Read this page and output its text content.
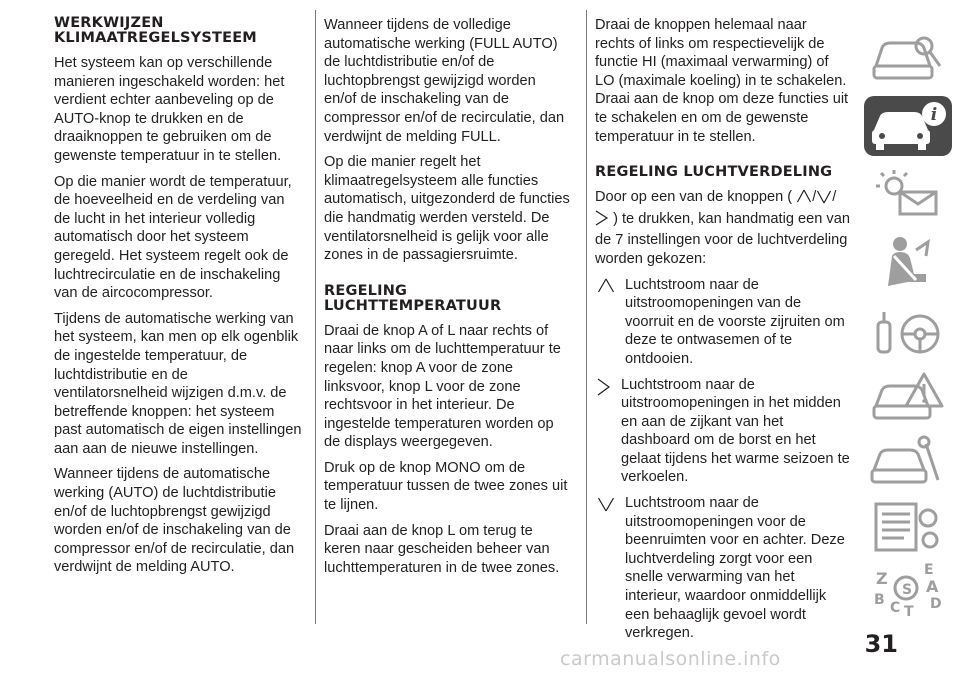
WERKWIJZEN KLIMAATREGELSYSTEEM

Het systeem kan op verschillende manieren ingeschakeld worden: het verdient echter aanbeveling op de AUTO-knop te drukken en de draaiknoppen te gebruiken om de gewenste temperatuur in te stellen.

Op die manier wordt de temperatuur, de hoeveelheid en de verdeling van de lucht in het interieur volledig automatisch door het systeem geregeld. Het systeem regelt ook de luchtrecirculatie en de inschakeling van de aircocompressor.

Tijdens de automatische werking van het systeem, kan men op elk ogenblik de ingestelde temperatuur, de luchtdistributie en de ventilatorsnelheid wijzigen d.m.v. de betreffende knoppen: het systeem past automatisch de eigen instellingen aan aan de nieuwe instellingen.

Wanneer tijdens de automatische werking (AUTO) de luchtdistributie en/of de luchtopbrengst gewijzigd worden en/of de inschakeling van de compressor en/of de recirculatie, dan verdwijnt de melding AUTO.

Wanneer tijdens de volledige automatische werking (FULL AUTO) de luchtdistributie en/of de luchtopbrengst gewijzigd worden en/of de inschakeling van de compressor en/of de recirculatie, dan verdwijnt de melding FULL.

Op die manier regelt het klimaatregelsysteem alle functies automatisch, uitgezonderd de functies die handmatig werden versteld. De ventilatorsnelheid is gelijk voor alle zones in de passagiersruimte.

REGELING LUCHTTEMPERATUUR

Draai de knop A of L naar rechts of naar links om de luchttemperatuur te regelen: knop A voor de zone linksvoor, knop L voor de zone rechtsvoor in het interieur. De ingestelde temperaturen worden op de displays weergegeven.

Druk op de knop MONO om de temperatuur tussen de twee zones uit te lijnen.

Draai aan de knop L om terug te keren naar gescheiden beheer van luchttemperaturen in de twee zones.

Draai de knoppen helemaal naar rechts of links om respectievelijk de functie HI (maximaal verwarming) of LO (maximale koeling) in te schakelen. Draai aan de knop om deze functies uit te schakelen en om de gewenste temperatuur in te stellen.

REGELING LUCHTVERDELING

Door op een van de knoppen ( / /  ) te drukken, kan handmatig een van de 7 instellingen voor de luchtverdeling worden gekozen:

Luchtstroom naar de uitstroomopeningen van de voorruit en de voorste zijruiten om deze te ontwasemen of te ontdooien.
Luchtstroom naar de uitstroomopeningen in het midden en aan de zijkant van het dashboard om de borst en het gelaat tijdens het warme seizoen te verkoelen.
Luchtstroom naar de uitstroomopeningen voor de beenruimten voor en achter. Deze luchtverdeling zorgt voor een snelle verwarming van het interieur, waardoor onmiddellijk een behaaglijk gevoel wordt verkregen.
i
Z	E
A
B C T D
S
31
carmanualsonline.info
